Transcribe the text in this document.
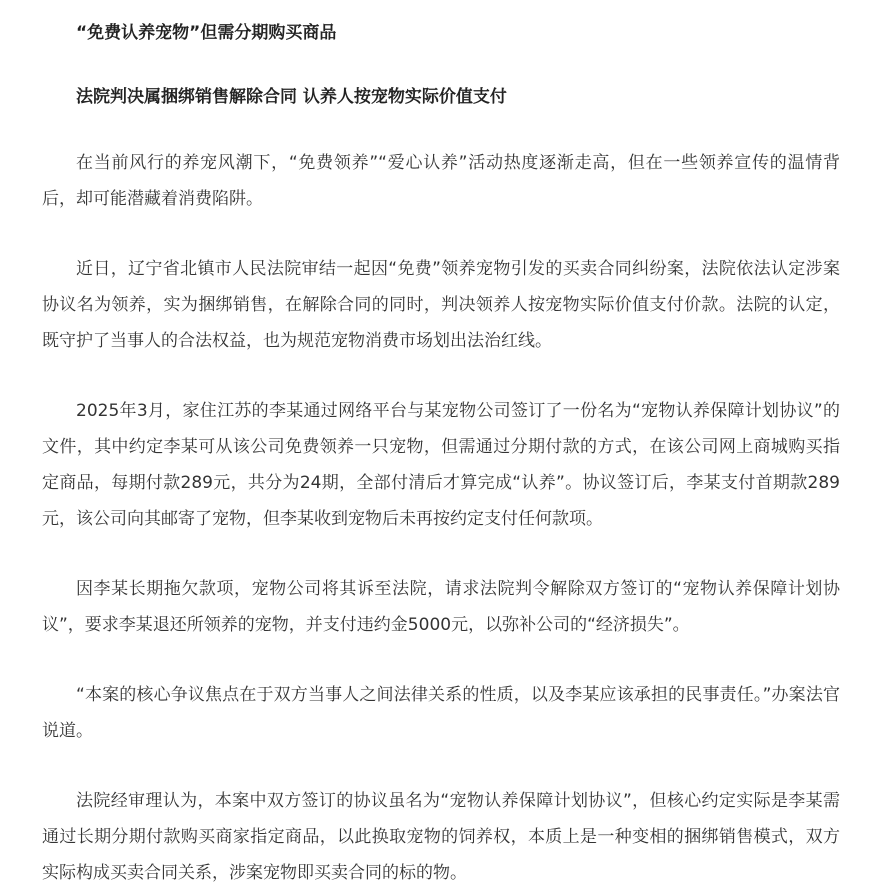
“免费认养宠物”但需分期购买商品
法院判决属捆绑销售解除合同 认养人按宠物实际价值支付

在当前风行的养宠风潮下，“免费领养”“爱心认养”活动热度逐渐走高，但在一些领养宣传的温情背后，却可能潜藏着消费陷阱。

近日，辽宁省北镇市人民法院审结一起因“免费”领养宠物引发的买卖合同纠纷案，法院依法认定涉案协议名为领养，实为捆绑销售，在解除合同的同时，判决领养人按宠物实际价值支付价款。法院的认定，既守护了当事人的合法权益，也为规范宠物消费市场划出法治红线。

2025年3月，家住江苏的李某通过网络平台与某宠物公司签订了一份名为“宠物认养保障计划协议”的文件，其中约定李某可从该公司免费领养一只宠物，但需通过分期付款的方式，在该公司网上商城购买指定商品，每期付款289元，共分为24期，全部付清后才算完成“认养”。协议签订后，李某支付首期款289元，该公司向其邮寄了宠物，但李某收到宠物后未再按约定支付任何款项。

因李某长期拖欠款项，宠物公司将其诉至法院，请求法院判令解除双方签订的“宠物认养保障计划协议”，要求李某退还所领养的宠物，并支付违约金5000元，以弥补公司的“经济损失”。

“本案的核心争议焦点在于双方当事人之间法律关系的性质，以及李某应该承担的民事责任。”办案法官说道。

法院经审理认为，本案中双方签订的协议虽名为“宠物认养保障计划协议”，但核心约定实际是李某需通过长期分期付款购买商家指定商品，以此换取宠物的饲养权，本质上是一种变相的捆绑销售模式，双方实际构成买卖合同关系，涉案宠物即买卖合同的标的物。
